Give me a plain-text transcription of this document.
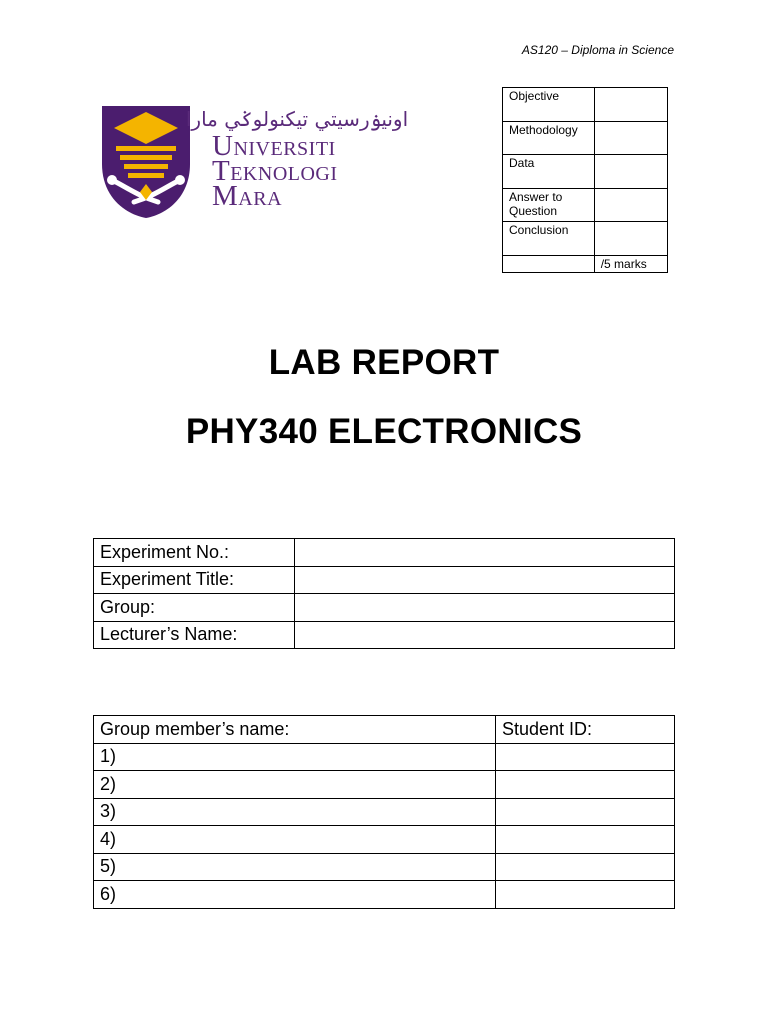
AS120 – Diploma in Science
اونيۏرسيتي تيكنولوݢي مارا
Universiti
Teknologi
Mara
Objective	
Methodology	
Data	
Answer to Question	
Conclusion	
	/5 marks
LAB REPORT
PHY340 ELECTRONICS
Experiment No.:	
Experiment Title:	
Group:	
Lecturer’s Name:	
Group member’s name:	Student ID:
1)	
2)	
3)	
4)	
5)	
6)	
